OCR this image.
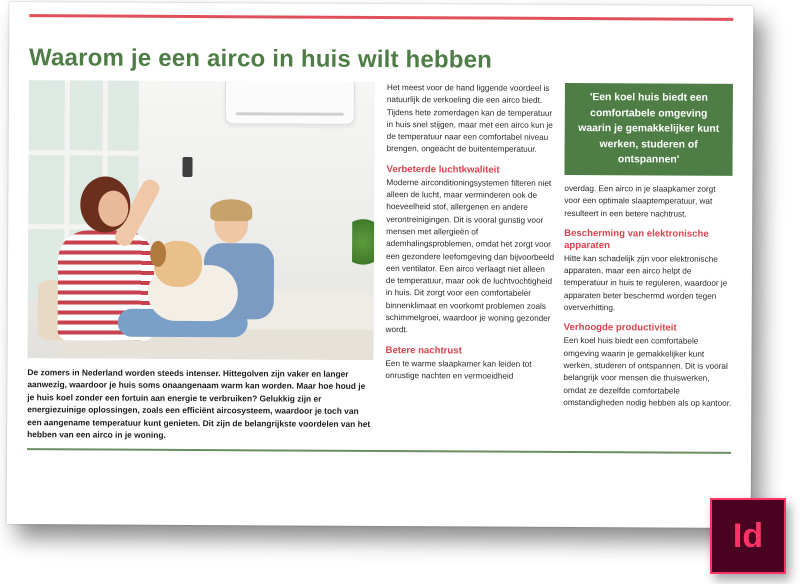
Waarom je een airco in huis wilt hebben

De zomers in Nederland worden steeds intenser. Hittegolven zijn vaker en langer aanwezig, waardoor je huis soms onaangenaam warm kan worden. Maar hoe houd je je huis koel zonder een fortuin aan energie te verbruiken? Gelukkig zijn er energiezuinige oplossingen, zoals een efficiënt aircosysteem, waardoor je toch van een aangename temperatuur kunt genieten. Dit zijn de belangrijkste voordelen van het hebben van een airco in je woning.

Het meest voor de hand liggende voordeel is natuurlijk de verkoeling die een airco biedt. Tijdens hete zomerdagen kan de temperatuur in huis snel stijgen, maar met een airco kun je de temperatuur naar een comfortabel niveau brengen, ongeacht de buitentemperatuur.

Verbeterde luchtkwaliteit

Moderne airconditioningsystemen filteren niet alleen de lucht, maar verminderen ook de hoeveelheid stof, allergenen en andere verontreinigingen. Dit is vooral gunstig voor mensen met allergieën of ademhalingsproblemen, omdat het zorgt voor een gezondere leefomgeving dan bijvoorbeeld een ventilator. Een airco verlaagt niet alleen de temperatuur, maar ook de luchtvochtigheid in huis. Dit zorgt voor een comfortabeler binnenklimaat en voorkomt problemen zoals schimmelgroei, waardoor je woning gezonder wordt.

Betere nachtrust

Een te warme slaapkamer kan leiden tot onrustige nachten en vermoeidheid

'Een koel huis biedt een comfortabele omgeving waarin je gemakkelijker kunt werken, studeren of ontspannen'

overdag. Een airco in je slaapkamer zorgt voor een optimale slaaptemperatuur, wat resulteert in een betere nachtrust.

Bescherming van elektronische apparaten

Hitte kan schadelijk zijn voor elektronische apparaten, maar een airco helpt de temperatuur in huis te reguleren, waardoor je apparaten beter beschermd worden tegen oververhitting.

Verhoogde productiviteit

Een koel huis biedt een comfortabele omgeving waarin je gemakkelijker kunt werken, studeren of ontspannen. Dit is vooral belangrijk voor mensen die thuiswerken, omdat ze dezelfde comfortabele omstandigheden nodig hebben als op kantoor.

Id
